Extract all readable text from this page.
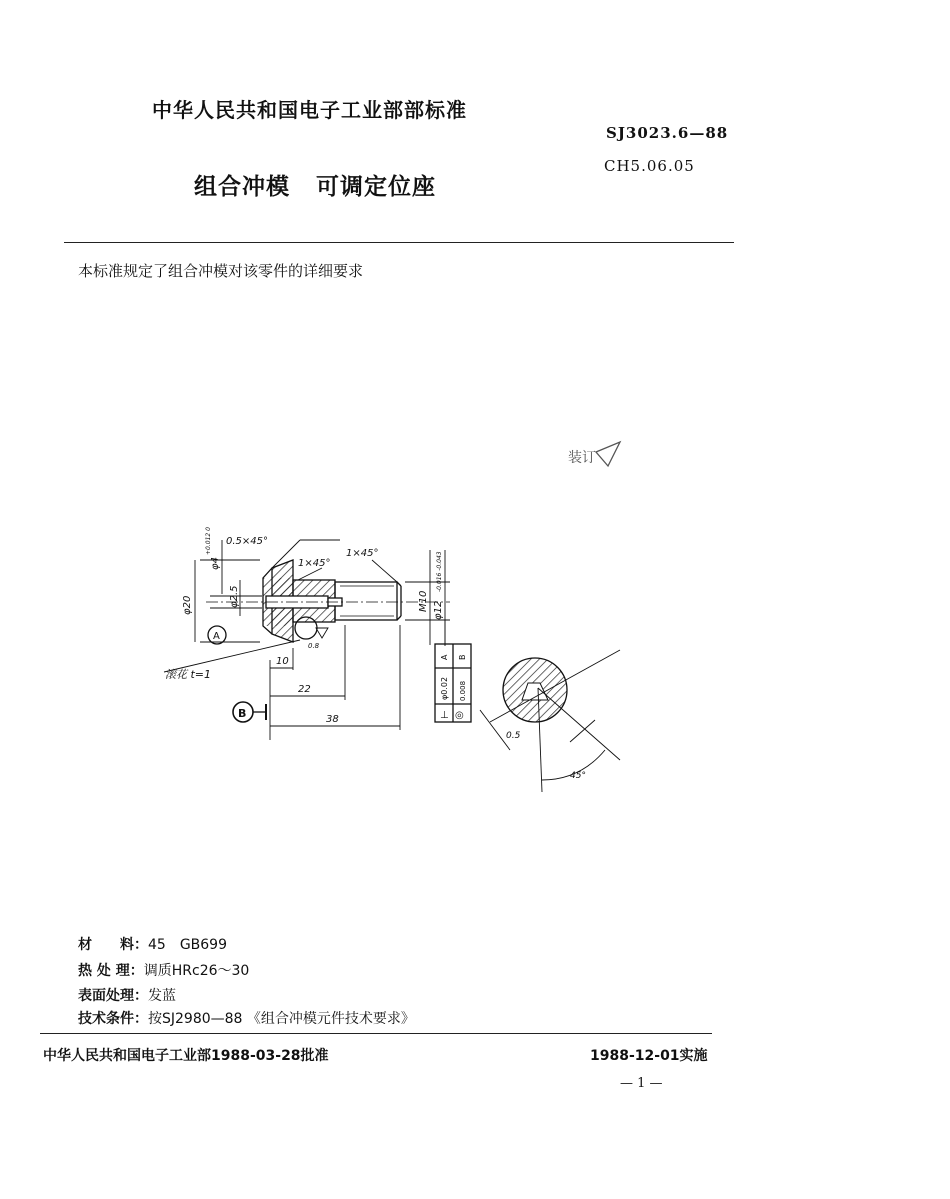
中华人民共和国电子工业部部标准
SJ3023.6—88
CH5.06.05
组合冲模 可调定位座
本标准规定了组合冲模对该零件的详细要求
装订
0.5×45°
1×45°
1×45°
φ20
φ4
+0.012 0
φ2.5	M10 φ12
-0.016 -0.043
滚花 t=1
10
22
38
0.8
A
B
A B
φ0.02 0.008
⊥ ◎
0.5
45°
材　　料：45　GB699
热 处 理：调质HRc26～30
表面处理：发蓝
技术条件：按SJ2980—88 《组合冲模元件技术要求》
中华人民共和国电子工业部1988-03-28批准	1988-12-01实施
— 1 —
